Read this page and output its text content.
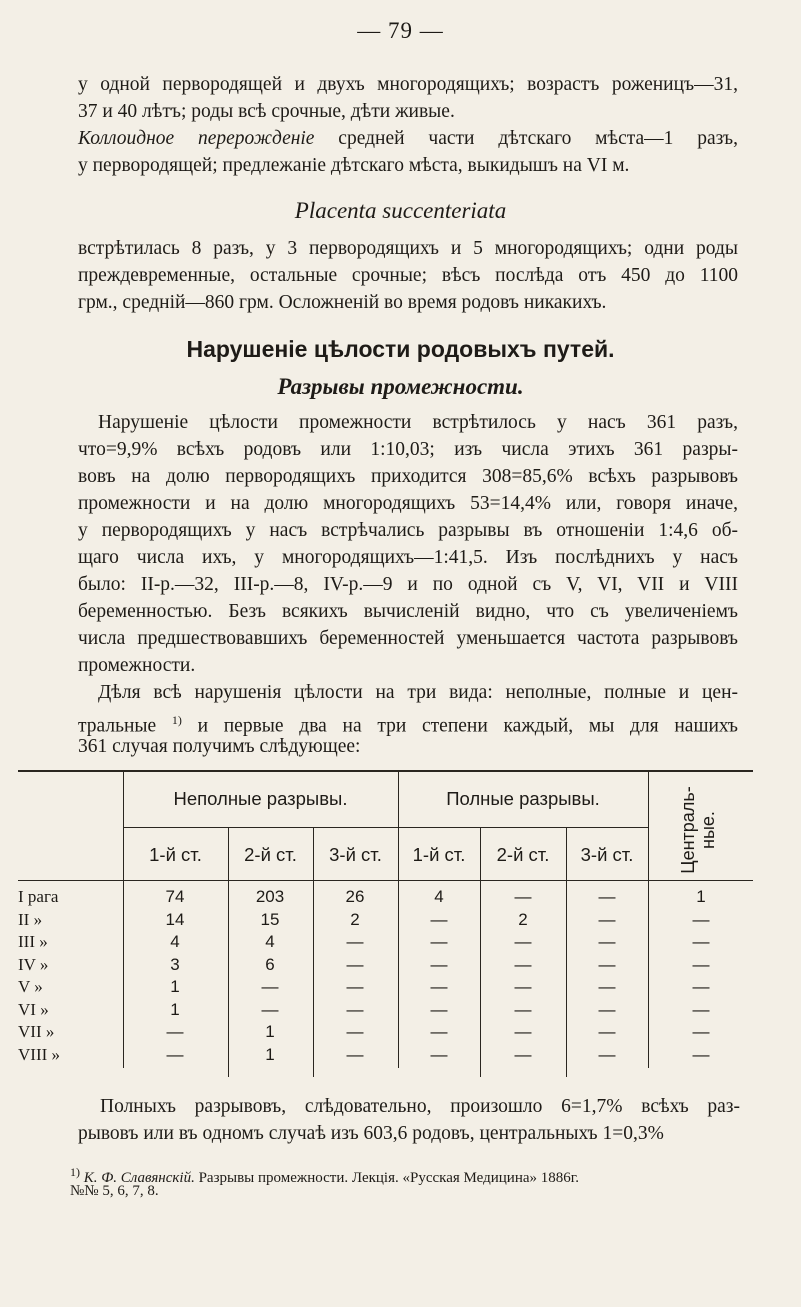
— 79 —
у одной первородящей и двухъ многородящихъ; возрастъ роженицъ—31,
37 и 40 лѣтъ; роды всѣ срочные, дѣти живые.
Коллоидное перерожденіе средней части дѣтскаго мѣста—1 разъ,
у первородящей; предлежаніе дѣтскаго мѣста, выкидышъ на VI м.
Placenta succenteriata
встрѣтилась 8 разъ, у 3 первородящихъ и 5 многородящихъ; одни роды
преждевременные, остальные срочные; вѣсъ послѣда отъ 450 до 1100
грм., средній—860 грм. Осложненій во время родовъ никакихъ.
Нарушеніе цѣлости родовыхъ путей.
Разрывы промежности.
Нарушеніе цѣлости промежности встрѣтилось у насъ 361 разъ,
что=9,9% всѣхъ родовъ или 1:10,03; изъ числа этихъ 361 разры-
вовъ на долю первородящихъ приходится 308=85,6% всѣхъ разрывовъ
промежности и на долю многородящихъ 53=14,4% или, говоря иначе,
у первородящихъ у насъ встрѣчались разрывы въ отношеніи 1:4,6 об-
щаго числа ихъ, у многородящихъ—1:41,5. Изъ послѣднихъ у насъ
было: II-р.—32, III-р.—8, IV-р.—9 и по одной съ V, VI, VII и VIII
беременностью. Безъ всякихъ вычисленій видно, что съ увеличеніемъ
числа предшествовавшихъ беременностей уменьшается частота разрывовъ
промежности.
Дѣля всѣ нарушенія цѣлости на три вида: неполные, полные и цен-
тральные $^{1)}$ и первые два на три степени каждый, мы для нашихъ
361 случая получимъ слѣдующее:
Неполные разрывы.	Полные разрывы.	Централь-
ные.
1-й ст.	2-й ст.	3-й ст.	1-й ст.	2-й ст.	3-й ст.
I рага	74	203	26	4	—	—	1
II »	14	15	2	—	2	—	—
III »	4	4	—	—	—	—	—
IV »	3	6	—	—	—	—	—
V »	1	—	—	—	—	—	—
VI »	1	—	—	—	—	—	—
VII »	—	1	—	—	—	—	—
VIII »	—	1	—	—	—	—	—
Полныхъ разрывовъ, слѣдовательно, произошло 6=1,7% всѣхъ раз-
рывовъ или въ одномъ случаѣ изъ 603,6 родовъ, центральныхъ 1=0,3%
$^{1)}$ К. Ф. Славянскій. Разрывы промежности. Лекція. «Русская Медицина» 1886г.
№№ 5, 6, 7, 8.
